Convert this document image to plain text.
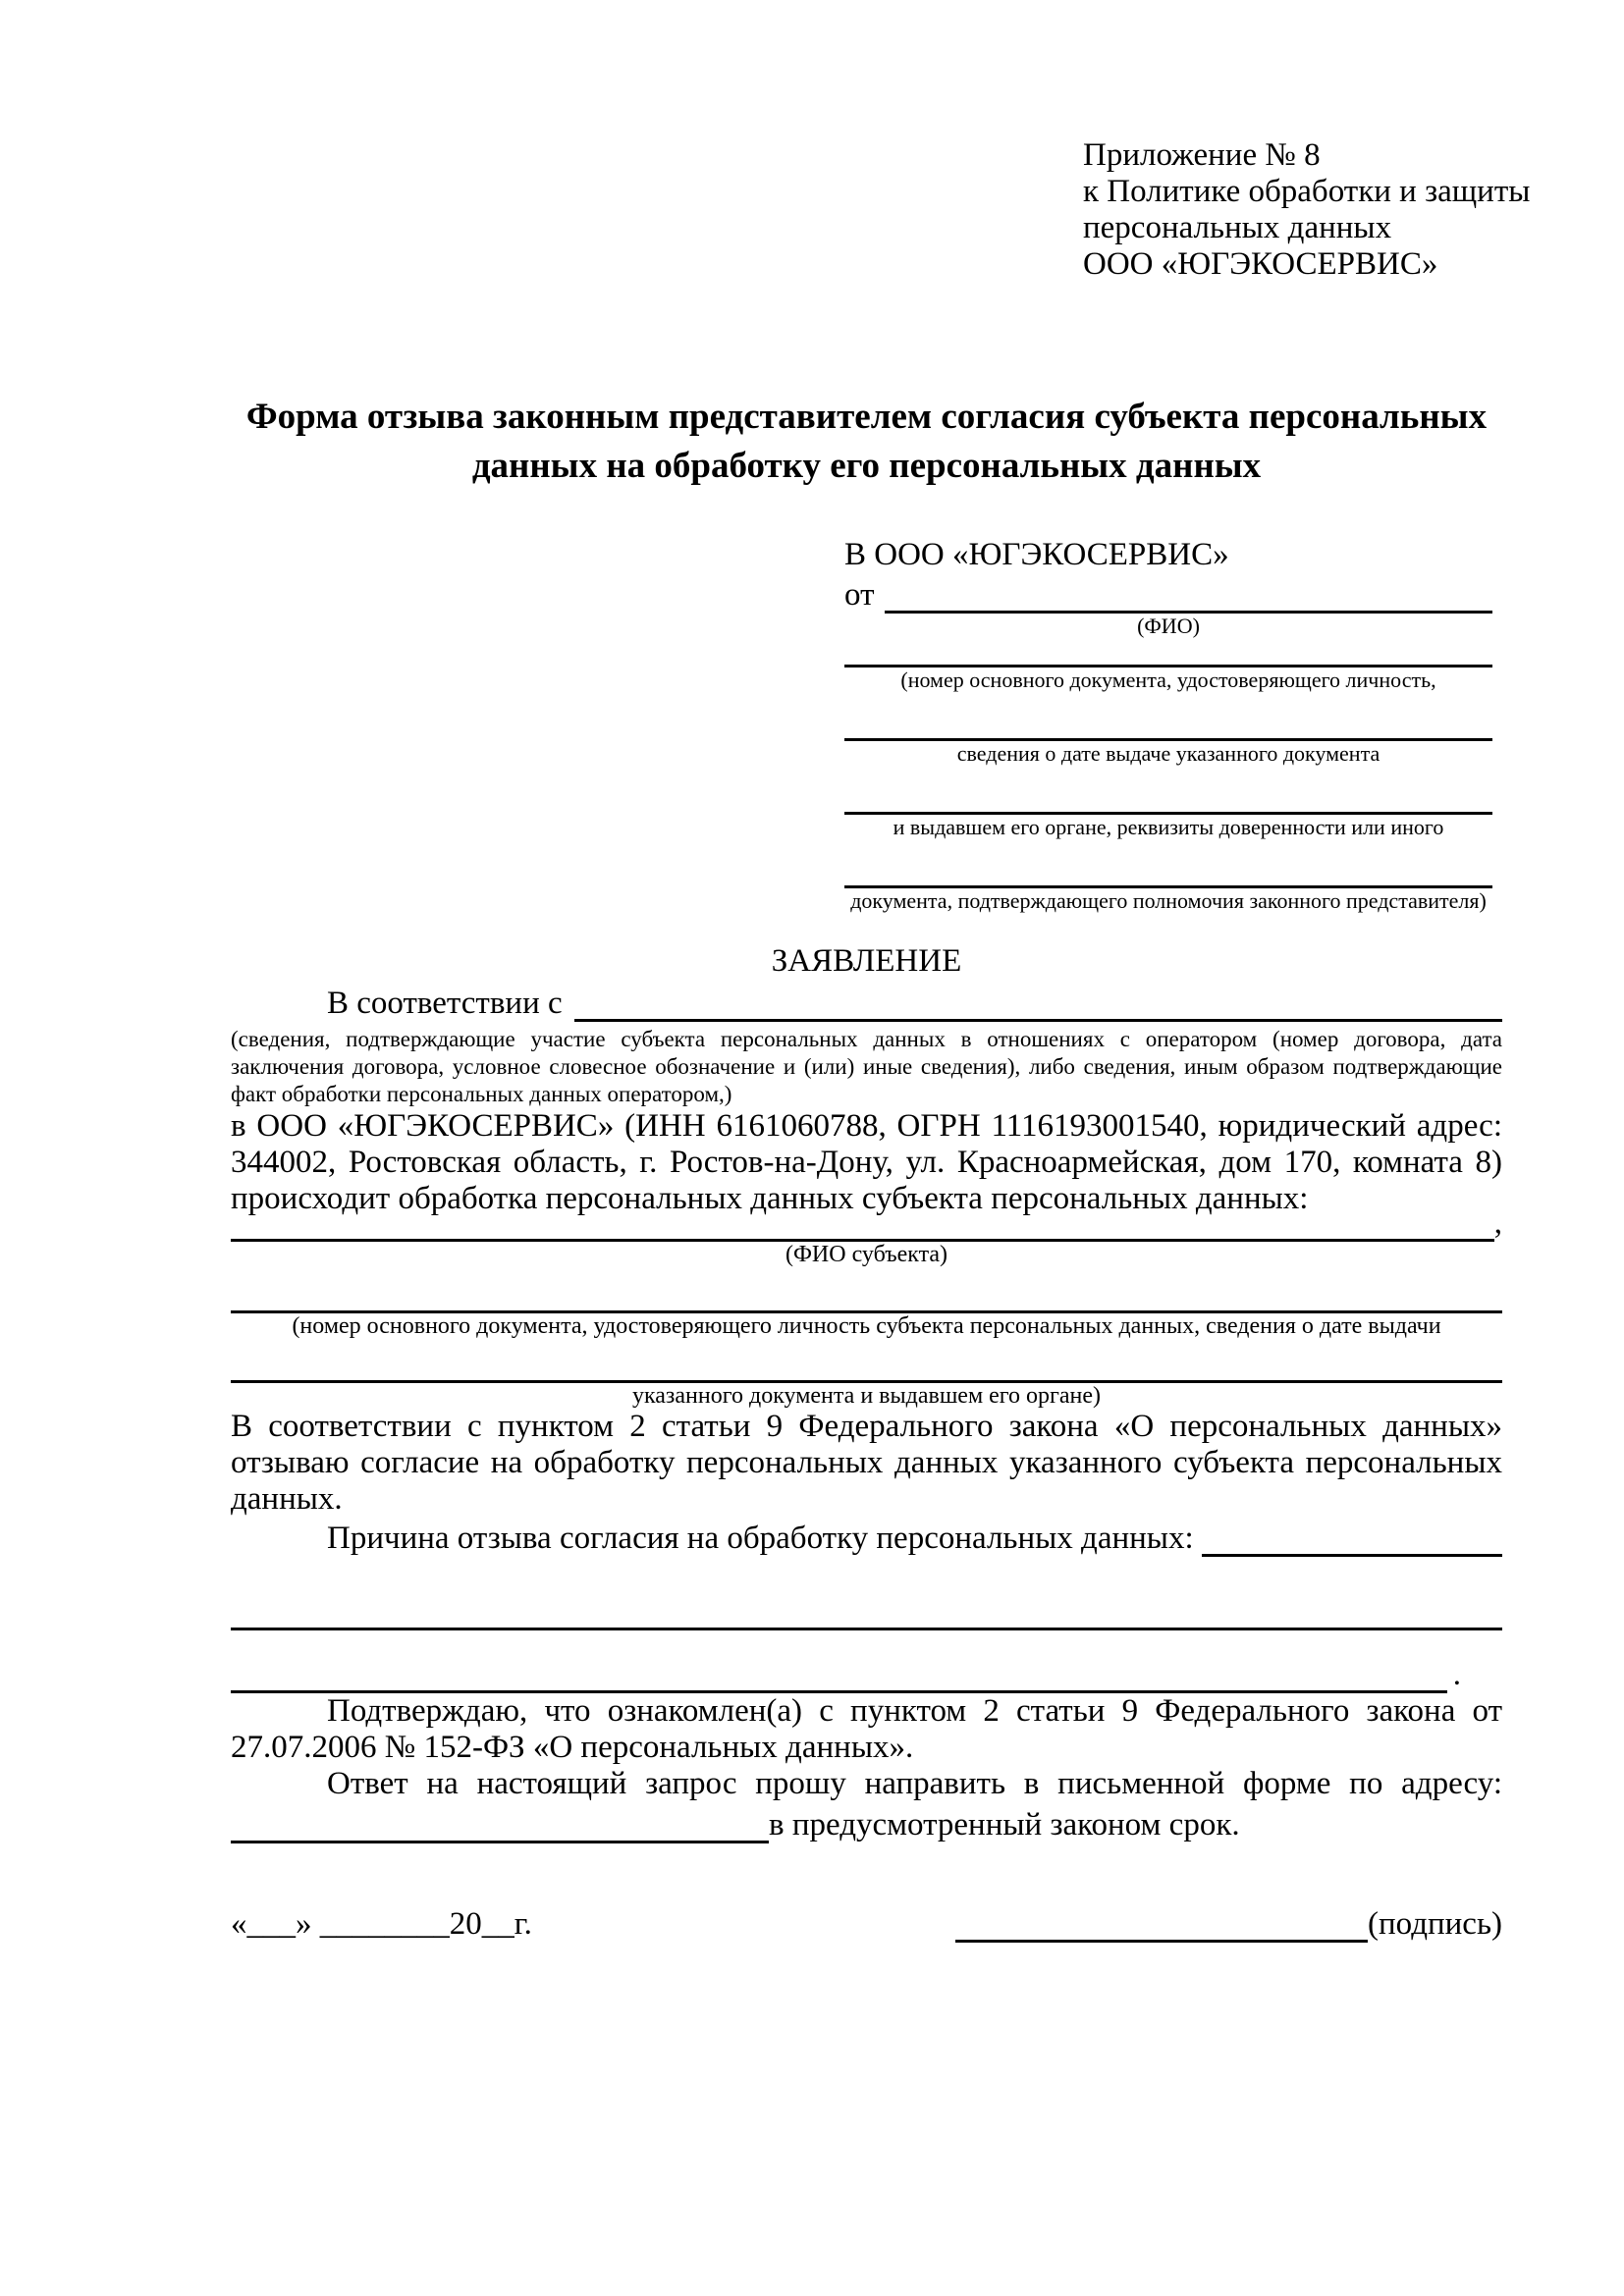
Приложение № 8
к Политике обработки и защиты
персональных данных
ООО «ЮГЭКОСЕРВИС»
Форма отзыва законным представителем согласия субъекта персональных данных на обработку его персональных данных
В ООО «ЮГЭКОСЕРВИС»
от
(ФИО)
(номер основного документа, удостоверяющего личность,
сведения о дате выдаче указанного документа
и выдавшем его органе, реквизиты доверенности или иного
документа, подтверждающего полномочия законного представителя)
ЗАЯВЛЕНИЕ
В соответствии с
(сведения, подтверждающие участие субъекта персональных данных в отношениях с оператором (номер договора, дата заключения договора, условное словесное обозначение и (или) иные сведения), либо сведения, иным образом подтверждающие факт обработки персональных данных оператором,)

в ООО «ЮГЭКОСЕРВИС» (ИНН 6161060788, ОГРН 1116193001540, юридический адрес: 344002, Ростовская область, г. Ростов-на-Дону, ул. Красноармейская, дом 170, комната 8) происходит обработка персональных данных субъекта персональных данных:

,
(ФИО субъекта)
(номер основного документа, удостоверяющего личность субъекта персональных данных, сведения о дате выдачи
указанного документа и выдавшем его органе)

В соответствии с пунктом 2 статьи 9 Федерального закона «О персональных данных» отзываю согласие на обработку персональных данных указанного субъекта персональных данных.

Причина отзыва согласия на обработку персональных данных:
.

Подтверждаю, что ознакомлен(а) с пунктом 2 статьи 9 Федерального закона от 27.07.2006 № 152-ФЗ «О персональных данных».

Ответ на настоящий запрос прошу направить в письменной форме по адресу:

в предусмотренный законом срок.
«___» ________20__г.	(подпись)
